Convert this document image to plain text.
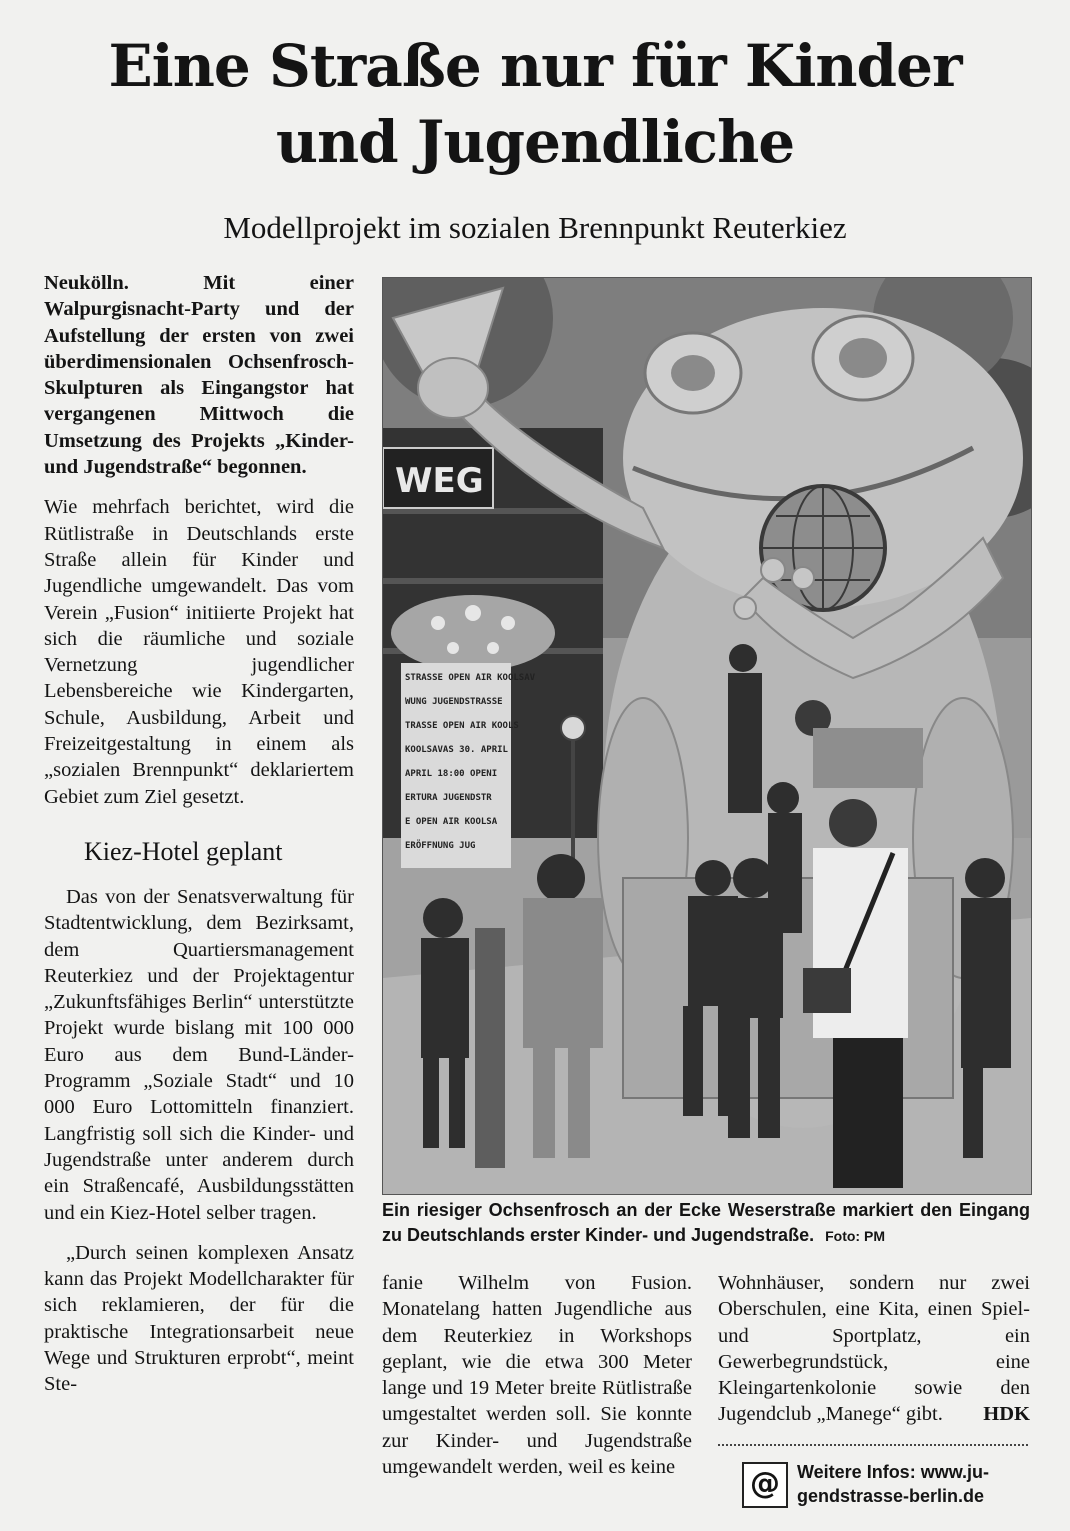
Eine Straße nur für Kinder
und Jugendliche
Modellprojekt im sozialen Brennpunkt Reuterkiez

Neukölln. Mit einer Walpurgisnacht-Party und der Aufstellung der ersten von zwei überdimensionalen Ochsenfrosch-Skulpturen als Eingangstor hat vergangenen Mittwoch die Umsetzung des Projekts „Kinder- und Jugendstraße“ begonnen.

Wie mehrfach berichtet, wird die Rütlistraße in Deutschlands erste Straße allein für Kinder und Jugendliche umgewandelt. Das vom Verein „Fusion“ initiierte Projekt hat sich die räumliche und soziale Vernetzung jugendlicher Lebensbereiche wie Kindergarten, Schule, Ausbildung, Arbeit und Freizeitgestaltung in einem als „sozialen Brennpunkt“ deklariertem Gebiet zum Ziel gesetzt.

Kiez-Hotel geplant

Das von der Senatsverwaltung für Stadtentwicklung, dem Bezirksamt, dem Quartiersmanagement Reuterkiez und der Projektagentur „Zukunftsfähiges Berlin“ unterstützte Projekt wurde bislang mit 100 000 Euro aus dem Bund-Länder-Programm „Soziale Stadt“ und 10 000 Euro Lottomitteln finanziert. Langfristig soll sich die Kinder- und Jugendstraße unter anderem durch ein Straßencafé, Ausbildungsstätten und ein Kiez-Hotel selber tragen.

„Durch seinen komplexen Ansatz kann das Projekt Modellcharakter für sich reklamieren, der für die praktische Integrationsarbeit neue Wege und Strukturen erprobt“, meint Ste-

WEG
STRASSE OPEN AIR KOOLSAV
WUNG JUGENDSTRASSE
TRASSE OPEN AIR KOOLS
KOOLSAVAS 30. APRIL
APRIL 18:00 OPENI
ERTURA JUGENDSTR
E OPEN AIR KOOLSA
ERÖFFNUNG JUG
Ein riesiger Ochsenfrosch an der Ecke Weserstraße markiert den Eingang zu Deutschlands erster Kinder- und Jugendstraße. Foto: PM

fanie Wilhelm von Fusion. Monatelang hatten Jugendliche aus dem Reuterkiez in Workshops geplant, wie die etwa 300 Meter lange und 19 Meter breite Rütlistraße umgestaltet werden soll. Sie konnte zur Kinder- und Jugendstraße umgewandelt werden, weil es keine

Wohnhäuser, sondern nur zwei Oberschulen, eine Kita, einen Spiel- und Sportplatz, ein Gewerbegrundstück, eine Kleingartenkolonie sowie den Jugendclub „Manege“ gibt. HDK

@ Weitere Infos: www.ju-
gendstrasse-berlin.de
